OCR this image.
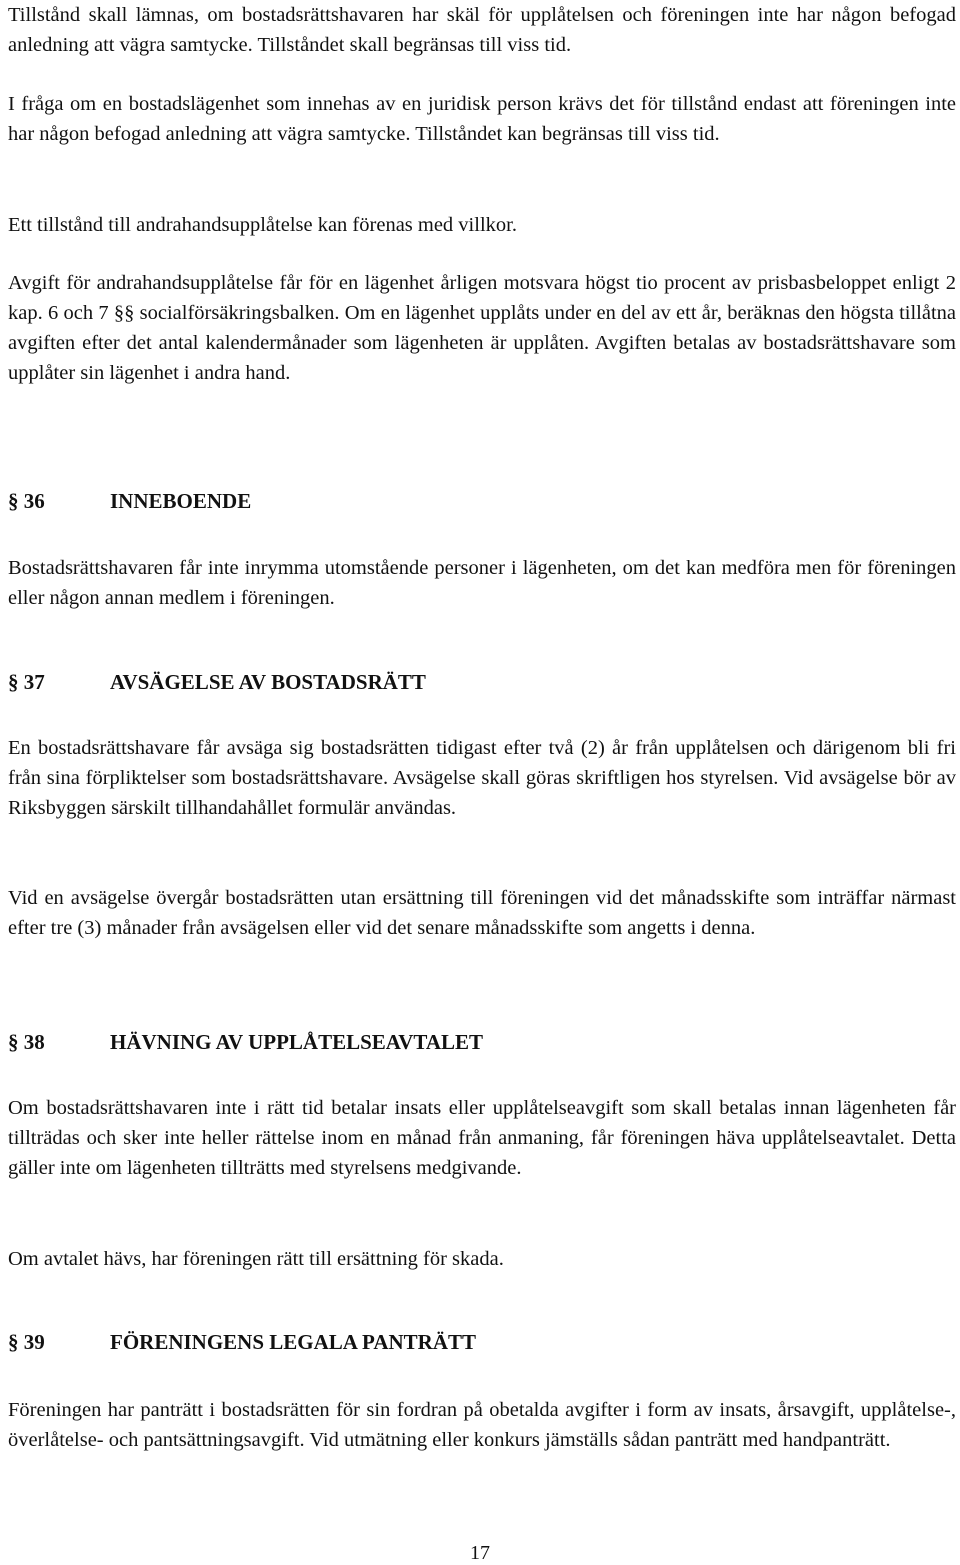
Tillstånd skall lämnas, om bostadsrättshavaren har skäl för upplåtelsen och föreningen inte har någon befogad anledning att vägra samtycke. Tillståndet skall begränsas till viss tid.

I fråga om en bostadslägenhet som innehas av en juridisk person krävs det för tillstånd endast att föreningen inte har någon befogad anledning att vägra samtycke. Tillståndet kan begränsas till viss tid.

Ett tillstånd till andrahandsupplåtelse kan förenas med villkor.

Avgift för andrahandsupplåtelse får för en lägenhet årligen motsvara högst tio procent av prisbasbeloppet enligt 2 kap. 6 och 7 §§ socialförsäkringsbalken. Om en lägenhet upplåts under en del av ett år, beräknas den högsta tillåtna avgiften efter det antal kalendermånader som lägenheten är upplåten. Avgiften betalas av bostadsrättshavare som upplåter sin lägenhet i andra hand.

§ 36	INNEBOENDE

Bostadsrättshavaren får inte inrymma utomstående personer i lägenheten, om det kan medföra men för föreningen eller någon annan medlem i föreningen.

§ 37	AVSÄGELSE AV BOSTADSRÄTT

En bostadsrättshavare får avsäga sig bostadsrätten tidigast efter två (2) år från upplåtelsen och därigenom bli fri från sina förpliktelser som bostadsrättshavare. Avsägelse skall göras skriftligen hos styrelsen. Vid avsägelse bör av Riksbyggen särskilt tillhandahållet formulär användas.

Vid en avsägelse övergår bostadsrätten utan ersättning till föreningen vid det månadsskifte som inträffar närmast efter tre (3) månader från avsägelsen eller vid det senare månadsskifte som angetts i denna.

§ 38	HÄVNING AV UPPLÅTELSEAVTALET

Om bostadsrättshavaren inte i rätt tid betalar insats eller upplåtelseavgift som skall betalas innan lägenheten får tillträdas och sker inte heller rättelse inom en månad från anmaning, får föreningen häva upplåtelseavtalet. Detta gäller inte om lägenheten tillträtts med styrelsens medgivande.

Om avtalet hävs, har föreningen rätt till ersättning för skada.

§ 39	FÖRENINGENS LEGALA PANTRÄTT

Föreningen har panträtt i bostadsrätten för sin fordran på obetalda avgifter i form av insats, årsavgift, upplåtelse-, överlåtelse- och pantsättningsavgift. Vid utmätning eller konkurs jämställs sådan panträtt med handpanträtt.

17
